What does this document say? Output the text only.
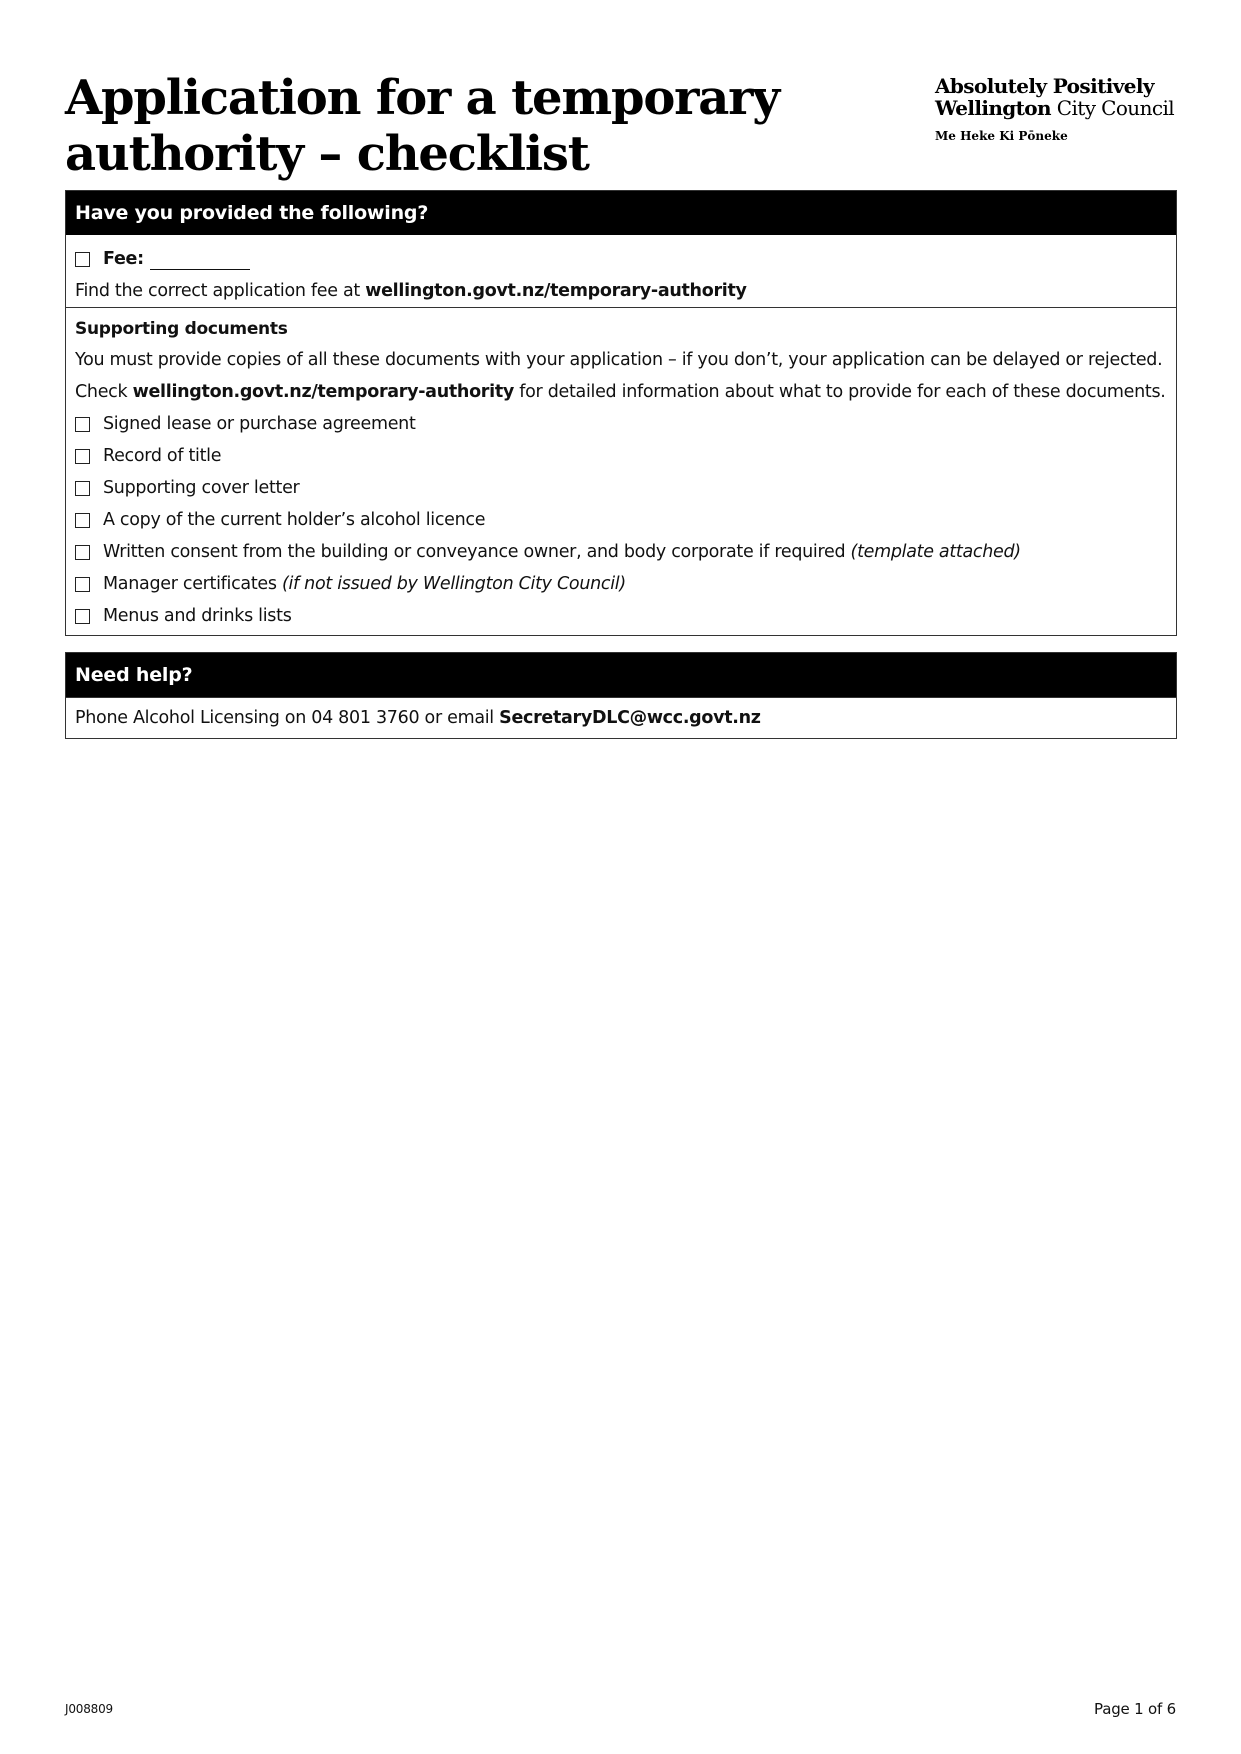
Application for a temporary
authority – checklist
Absolutely Positively
Wellington City Council
Me Heke Ki Pōneke
Have you provided the following?
Fee:
Find the correct application fee at wellington.govt.nz/temporary-authority
Supporting documents
You must provide copies of all these documents with your application – if you don’t, your application can be delayed or rejected.
Check wellington.govt.nz/temporary-authority for detailed information about what to provide for each of these documents.
Signed lease or purchase agreement
Record of title
Supporting cover letter
A copy of the current holder’s alcohol licence
Written consent from the building or conveyance owner, and body corporate if required (template attached)
Manager certificates (if not issued by Wellington City Council)
Menus and drinks lists
Need help?
Phone Alcohol Licensing on 04 801 3760 or email SecretaryDLC@wcc.govt.nz
J008809	Page 1 of 6
